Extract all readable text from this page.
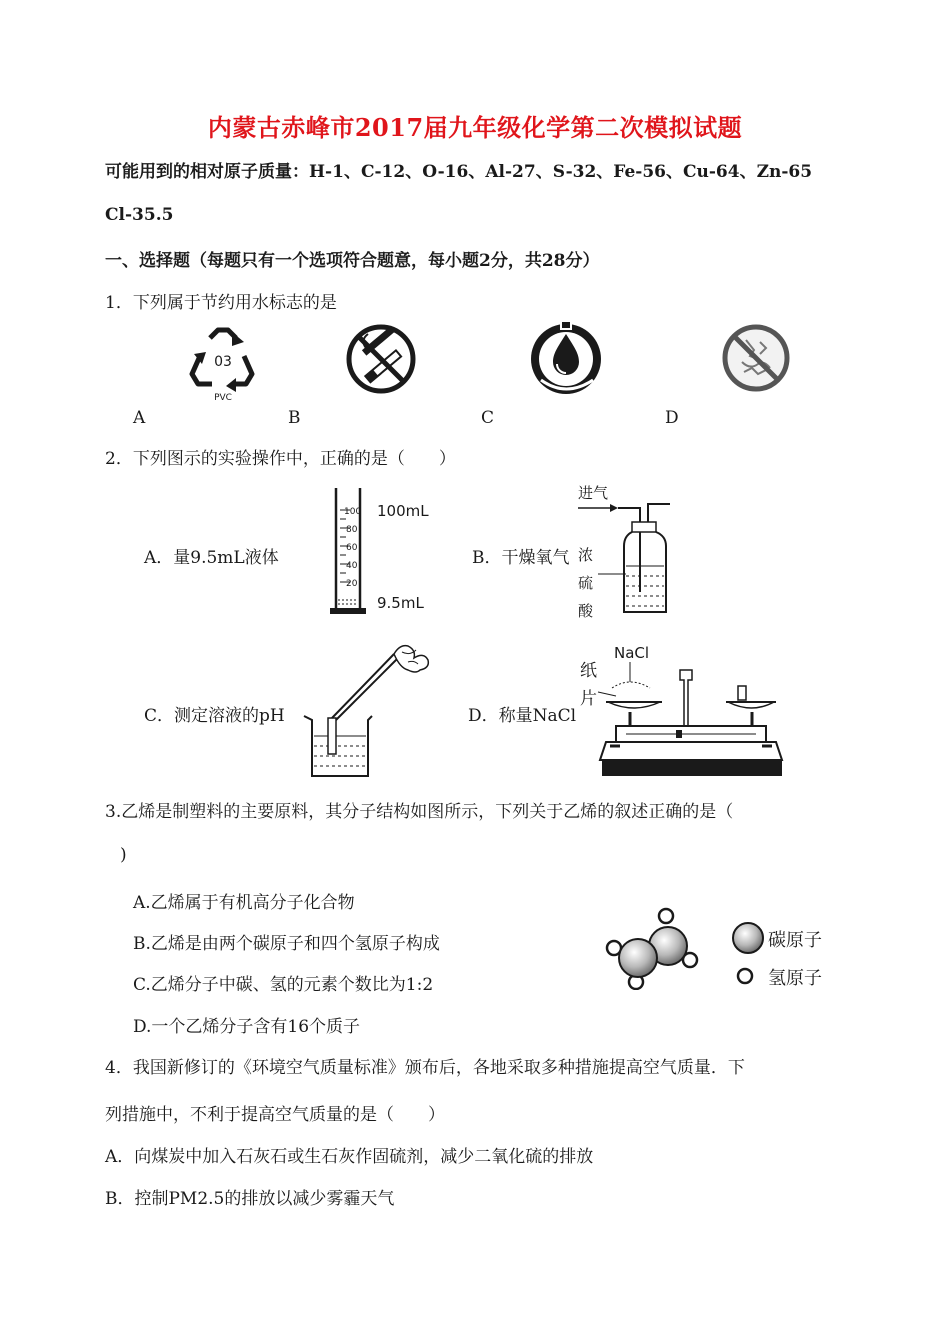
内蒙古赤峰市2017届九年级化学第二次模拟试题
可能用到的相对原子质量：H-1、C-12、O-16、Al-27、S-32、Fe-56、Cu-64、Zn-65
Cl-35.5
一、选择题（每题只有一个选项符合题意，每小题2分，共28分）
1．下列属于节约用水标志的是
03
PVC
A	B	C	D
2．下列图示的实验操作中，正确的是（　　）
A．量9.5mL液体	B．干燥氧气
C．测定溶液的pH	D．称量NaCl
100
80
60
40
20
100mL
9.5mL
进气
浓
硫
酸
NaCl
纸
片
3.乙烯是制塑料的主要原料，其分子结构如图所示，下列关于乙烯的叙述正确的是（
)
A.乙烯属于有机高分子化合物
B.乙烯是由两个碳原子和四个氢原子构成
C.乙烯分子中碳、氢的元素个数比为1:2
D.一个乙烯分子含有16个质子
碳原子
氢原子
4．我国新修订的《环境空气质量标准》颁布后，各地采取多种措施提高空气质量．下
列措施中，不利于提高空气质量的是（　　）
A．向煤炭中加入石灰石或生石灰作固硫剂，减少二氧化硫的排放
B．控制PM2.5的排放以减少雾霾天气
